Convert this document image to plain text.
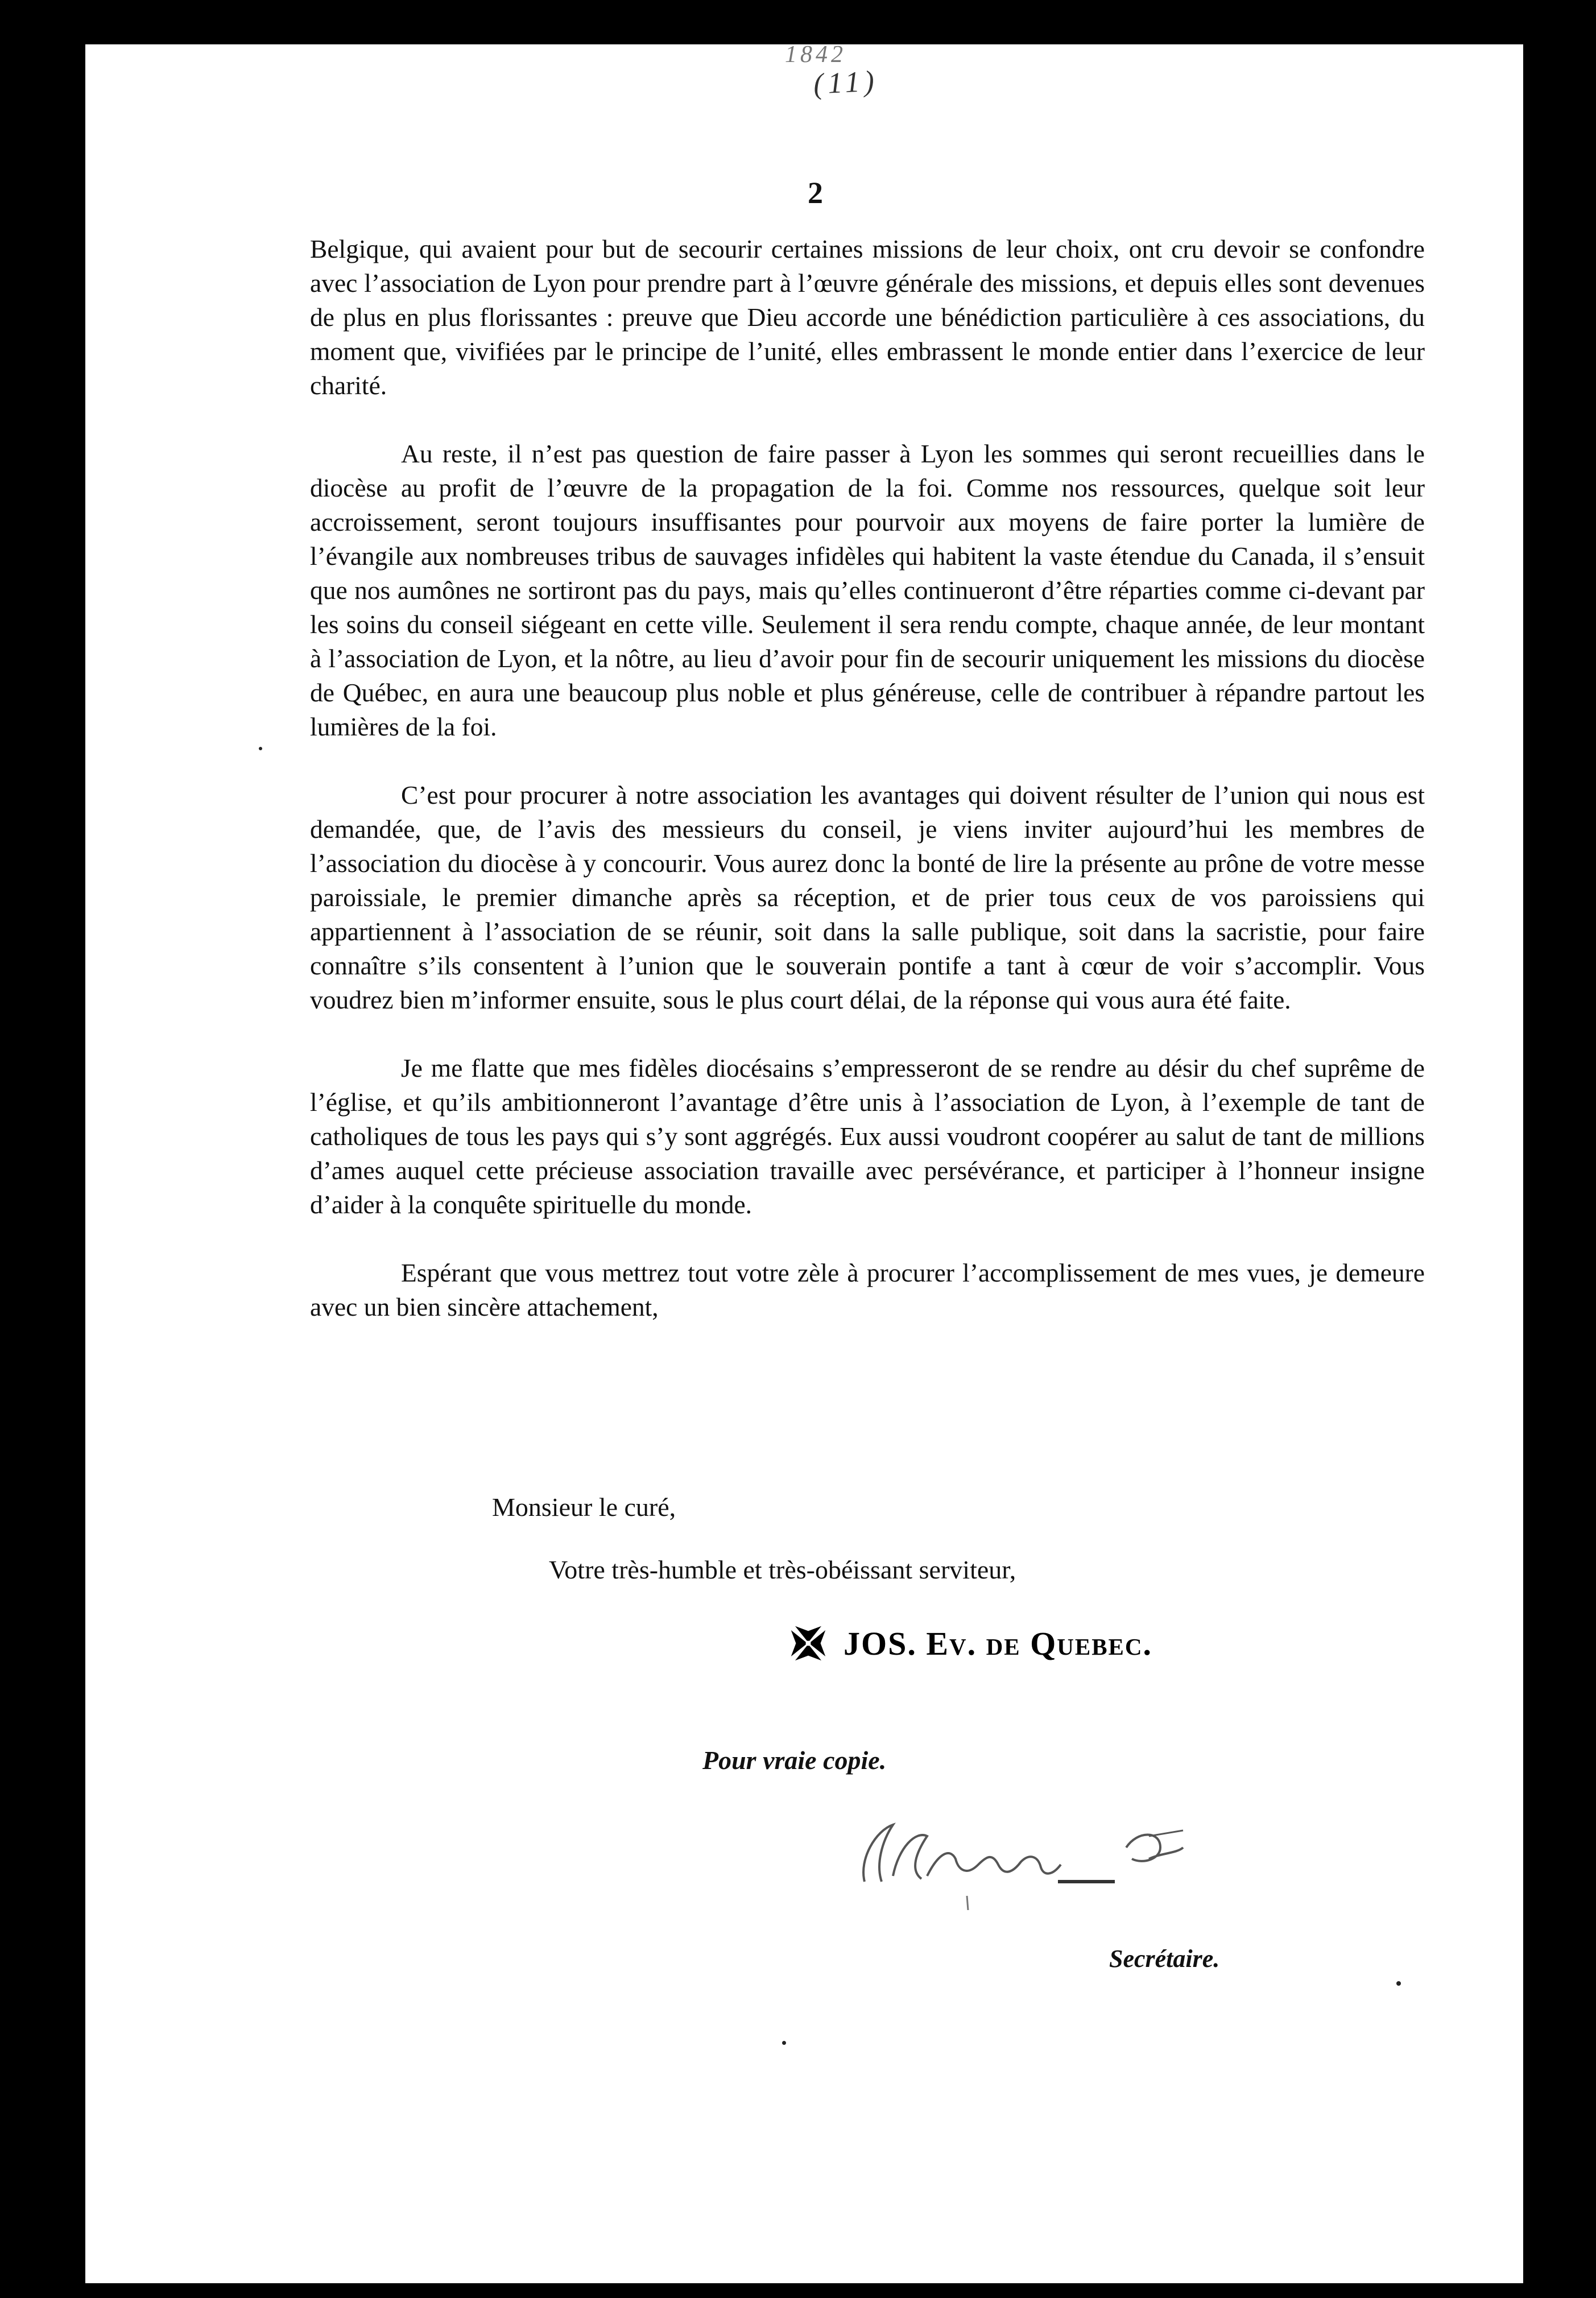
1842
(11)
2

Belgique, qui avaient pour but de secourir certaines missions de leur choix, ont cru devoir se confondre avec l’association de Lyon pour prendre part à l’œuvre générale des missions, et depuis elles sont devenues de plus en plus florissantes : preuve que Dieu accorde une bénédiction particulière à ces associations, du moment que, vivifiées par le principe de l’unité, elles embrassent le monde entier dans l’exercice de leur charité.

Au reste, il n’est pas question de faire passer à Lyon les sommes qui seront recueillies dans le diocèse au profit de l’œuvre de la propagation de la foi. Comme nos ressources, quelque soit leur accroissement, seront toujours insuffisantes pour pourvoir aux moyens de faire porter la lumière de l’évangile aux nombreuses tribus de sauvages infidèles qui habitent la vaste étendue du Canada, il s’ensuit que nos aumônes ne sortiront pas du pays, mais qu’elles continueront d’être réparties comme ci-devant par les soins du conseil siégeant en cette ville. Seulement il sera rendu compte, chaque année, de leur montant à l’association de Lyon, et la nôtre, au lieu d’avoir pour fin de secourir uniquement les missions du diocèse de Québec, en aura une beaucoup plus noble et plus généreuse, celle de contribuer à répandre partout les lumières de la foi.

C’est pour procurer à notre association les avantages qui doivent résulter de l’union qui nous est demandée, que, de l’avis des messieurs du conseil, je viens inviter aujourd’hui les membres de l’association du diocèse à y concourir. Vous aurez donc la bonté de lire la présente au prône de votre messe paroissiale, le premier dimanche après sa réception, et de prier tous ceux de vos paroissiens qui appartiennent à l’association de se réunir, soit dans la salle publique, soit dans la sacristie, pour faire connaître s’ils consentent à l’union que le souverain pontife a tant à cœur de voir s’accomplir. Vous voudrez bien m’informer ensuite, sous le plus court délai, de la réponse qui vous aura été faite.

Je me flatte que mes fidèles diocésains s’empresseront de se rendre au désir du chef suprême de l’église, et qu’ils ambitionneront l’avantage d’être unis à l’association de Lyon, à l’exemple de tant de catholiques de tous les pays qui s’y sont aggrégés. Eux aussi voudront coopérer au salut de tant de millions d’ames auquel cette précieuse association travaille avec persévérance, et participer à l’honneur insigne d’aider à la conquête spirituelle du monde.

Espérant que vous mettrez tout votre zèle à procurer l’accomplissement de mes vues, je demeure avec un bien sincère attachement,

Monsieur le curé,
Votre très-humble et très-obéissant serviteur,
JOS. Ev. de Quebec.
Pour vraie copie.
Secrétaire.
